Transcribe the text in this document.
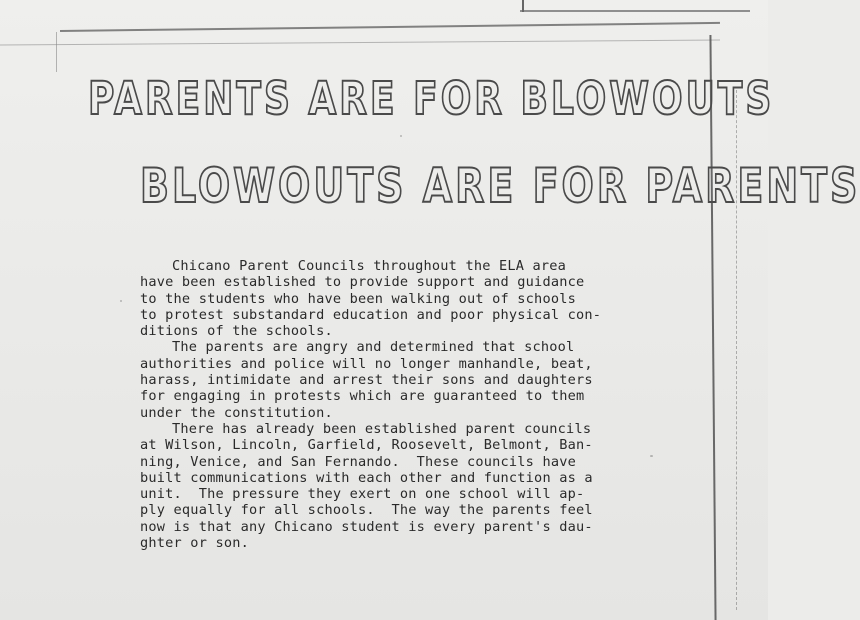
PARENTS ARE FOR BLOWOUTS
BLOWOUTS ARE FOR PARENTS
Chicano Parent Councils throughout the ELA area
have been established to provide support and guidance
to the students who have been walking out of schools
to protest substandard education and poor physical con-
ditions of the schools.
The parents are angry and determined that school
authorities and police will no longer manhandle, beat,
harass, intimidate and arrest their sons and daughters
for engaging in protests which are guaranteed to them
under the constitution.
There has already been established parent councils
at Wilson, Lincoln, Garfield, Roosevelt, Belmont, Ban-
ning, Venice, and San Fernando.  These councils have
built communications with each other and function as a
unit.  The pressure they exert on one school will ap-
ply equally for all schools.  The way the parents feel
now is that any Chicano student is every parent's dau-
ghter or son.
